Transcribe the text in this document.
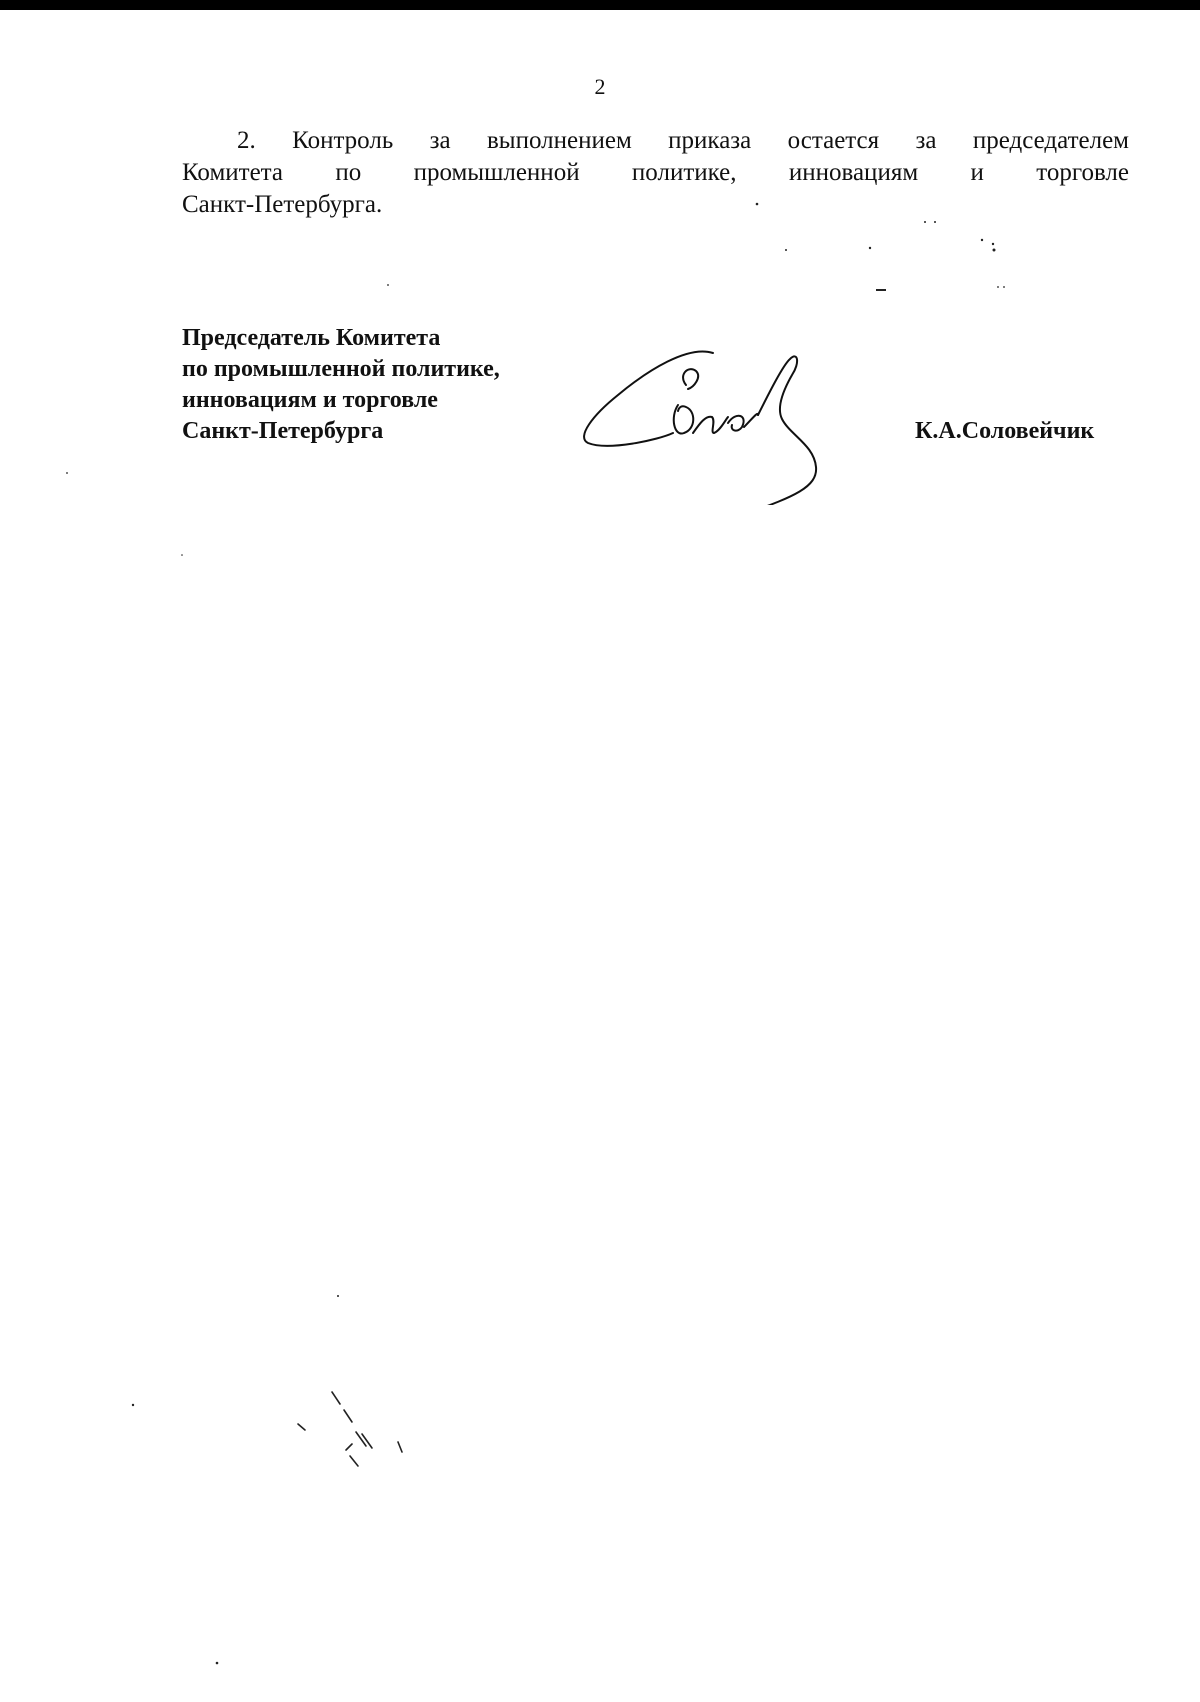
2
2. Контроль за выполнением приказа остается за председателем
Комитета по промышленной политике, инновациям и торговле
Санкт-Петербурга.
Председатель Комитета
по промышленной политике,
инновациям и торговле
Санкт-Петербурга	К.А.Соловейчик
